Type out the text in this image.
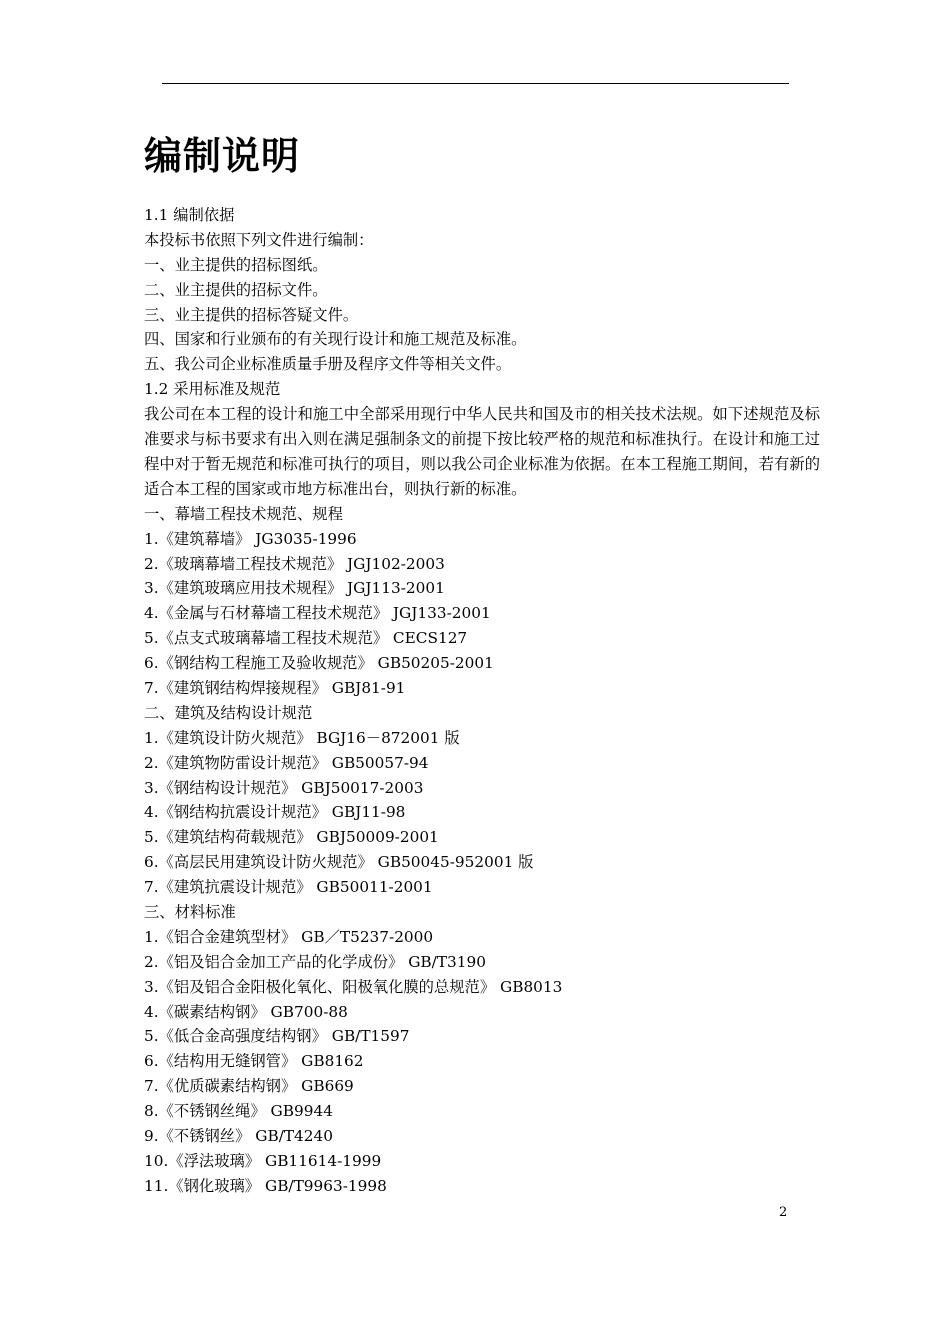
编制说明
1.1 编制依据
本投标书依照下列文件进行编制：
一、业主提供的招标图纸。
二、业主提供的招标文件。
三、业主提供的招标答疑文件。
四、国家和行业颁布的有关现行设计和施工规范及标准。
五、我公司企业标准质量手册及程序文件等相关文件。
1.2 采用标准及规范
我公司在本工程的设计和施工中全部采用现行中华人民共和国及市的相关技术法规。如下述规范及标准要求与标书要求有出入则在满足强制条文的前提下按比较严格的规范和标准执行。在设计和施工过程中对于暂无规范和标准可执行的项目，则以我公司企业标准为依据。在本工程施工期间，若有新的适合本工程的国家或市地方标准出台，则执行新的标准。
一、幕墙工程技术规范、规程
1.《建筑幕墙》 JG3035-1996
2.《玻璃幕墙工程技术规范》 JGJ102-2003
3.《建筑玻璃应用技术规程》 JGJ113-2001
4.《金属与石材幕墙工程技术规范》 JGJ133-2001
5.《点支式玻璃幕墙工程技术规范》 CECS127
6.《钢结构工程施工及验收规范》 GB50205-2001
7.《建筑钢结构焊接规程》 GBJ81-91
二、建筑及结构设计规范
1.《建筑设计防火规范》 BGJ16－872001 版
2.《建筑物防雷设计规范》 GB50057-94
3.《钢结构设计规范》 GBJ50017-2003
4.《钢结构抗震设计规范》 GBJ11-98
5.《建筑结构荷载规范》 GBJ50009-2001
6.《高层民用建筑设计防火规范》 GB50045-952001 版
7.《建筑抗震设计规范》 GB50011-2001
三、材料标准
1.《铝合金建筑型材》 GB／T5237-2000
2.《铝及铝合金加工产品的化学成份》 GB/T3190
3.《铝及铝合金阳极化氧化、阳极氧化膜的总规范》 GB8013
4.《碳素结构钢》 GB700-88
5.《低合金高强度结构钢》 GB/T1597
6.《结构用无缝钢管》 GB8162
7.《优质碳素结构钢》 GB669
8.《不锈钢丝绳》 GB9944
9.《不锈钢丝》 GB/T4240
10.《浮法玻璃》 GB11614-1999
11.《钢化玻璃》 GB/T9963-1998
2
